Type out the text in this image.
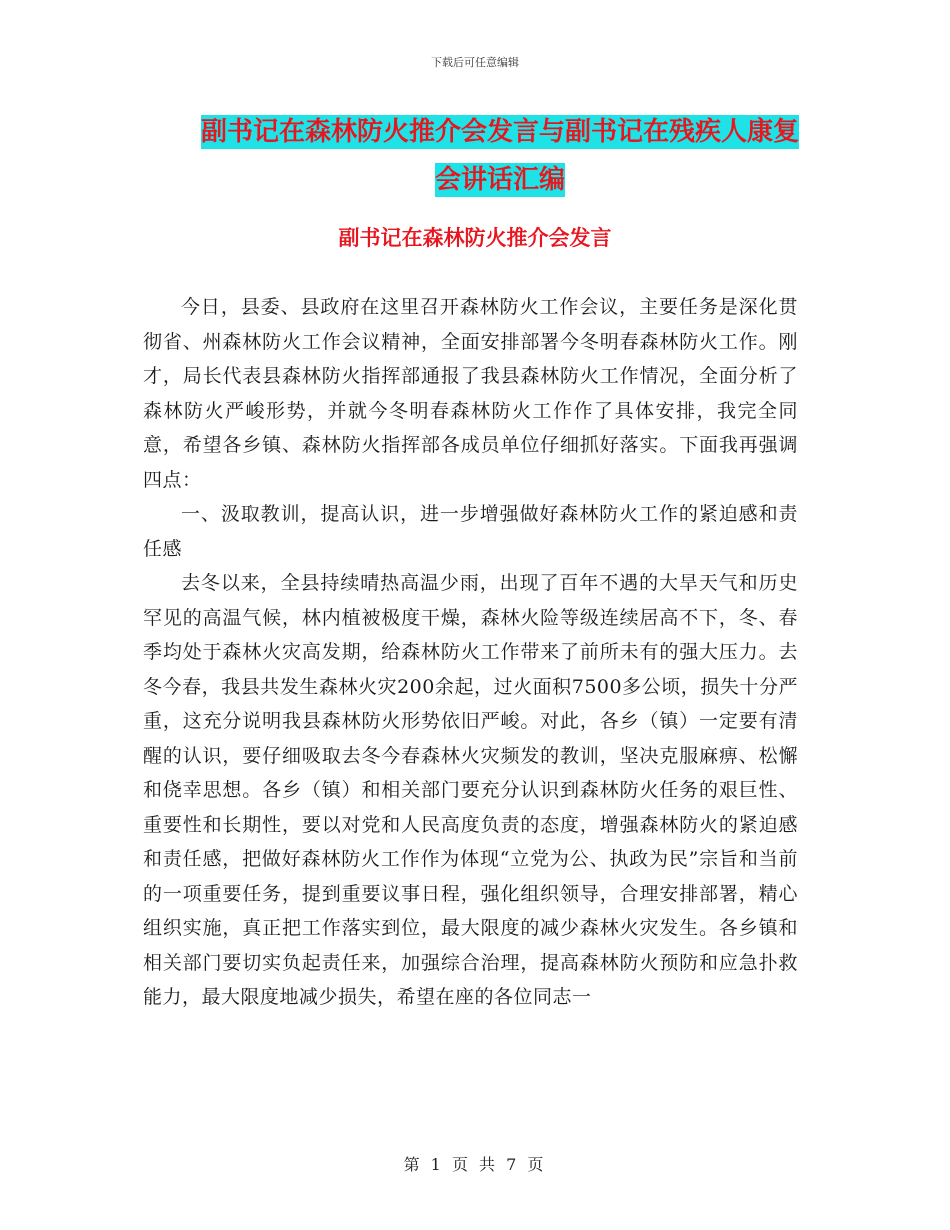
下载后可任意编辑
副书记在森林防火推介会发言与副书记在残疾人康复
会讲话汇编
副书记在森林防火推介会发言

今日，县委、县政府在这里召开森林防火工作会议，主要任务是深化贯彻省、州森林防火工作会议精神，全面安排部署今冬明春森林防火工作。刚才，局长代表县森林防火指挥部通报了我县森林防火工作情况，全面分析了森林防火严峻形势，并就今冬明春森林防火工作作了具体安排，我完全同意，希望各乡镇、森林防火指挥部各成员单位仔细抓好落实。下面我再强调四点：

一、汲取教训，提高认识，进一步增强做好森林防火工作的紧迫感和责任感

去冬以来，全县持续晴热高温少雨，出现了百年不遇的大旱天气和历史罕见的高温气候，林内植被极度干燥，森林火险等级连续居高不下，冬、春季均处于森林火灾高发期，给森林防火工作带来了前所未有的强大压力。去冬今春，我县共发生森林火灾200余起，过火面积7500多公顷，损失十分严重，这充分说明我县森林防火形势依旧严峻。对此，各乡（镇）一定要有清醒的认识，要仔细吸取去冬今春森林火灾频发的教训，坚决克服麻痹、松懈和侥幸思想。各乡（镇）和相关部门要充分认识到森林防火任务的艰巨性、重要性和长期性，要以对党和人民高度负责的态度，增强森林防火的紧迫感和责任感，把做好森林防火工作作为体现“立党为公、执政为民”宗旨和当前的一项重要任务，提到重要议事日程，强化组织领导，合理安排部署，精心组织实施，真正把工作落实到位，最大限度的减少森林火灾发生。各乡镇和相关部门要切实负起责任来，加强综合治理，提高森林防火预防和应急扑救能力，最大限度地减少损失，希望在座的各位同志一

第 1 页 共 7 页
